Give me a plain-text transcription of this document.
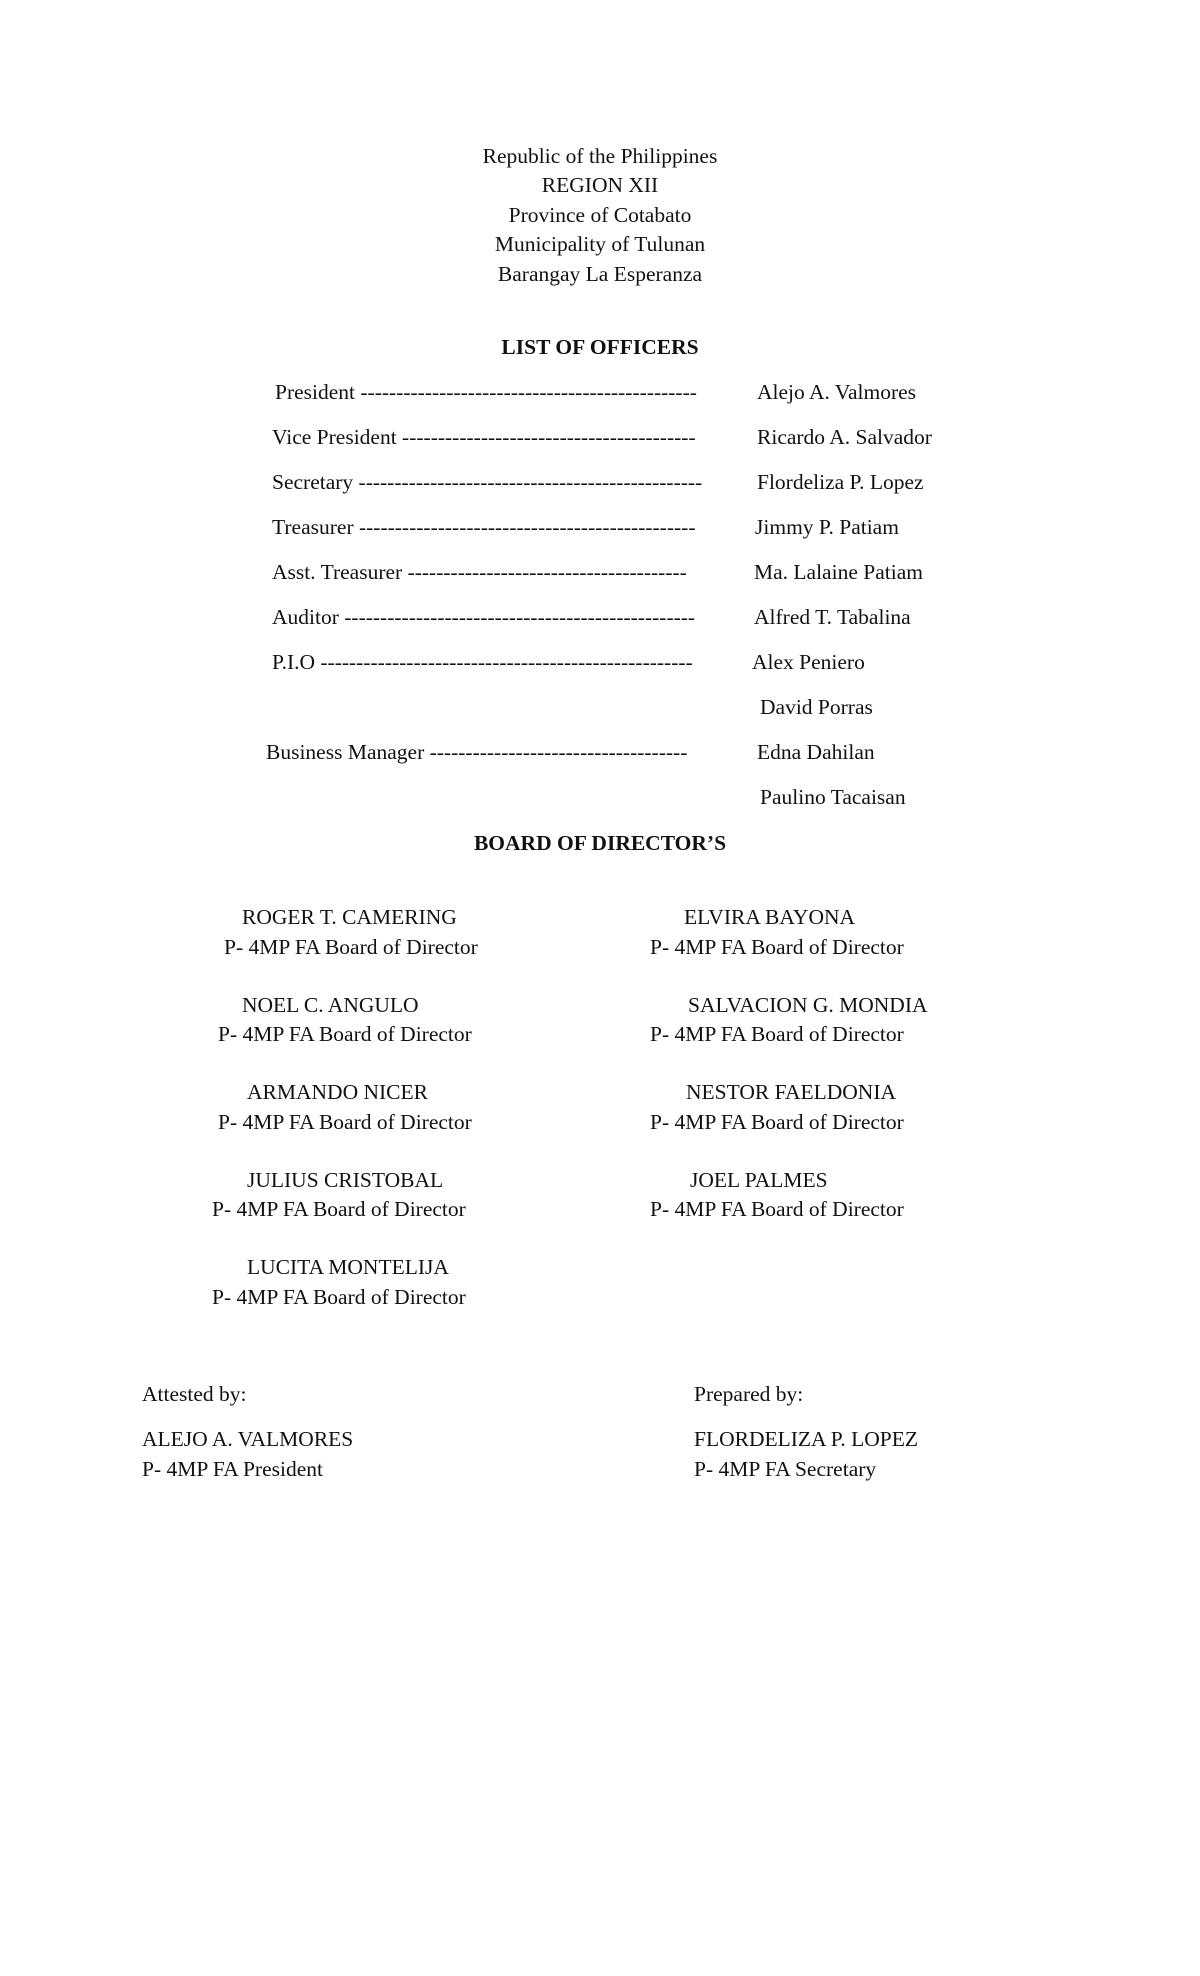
Republic of the Philippines
REGION XII
Province of Cotabato
Municipality of Tulunan
Barangay La Esperanza
LIST OF OFFICERS
President -----------------------------------------------	Alejo A. Valmores
Vice President -----------------------------------------	Ricardo A. Salvador
Secretary ------------------------------------------------	Flordeliza P. Lopez
Treasurer -----------------------------------------------	Jimmy P. Patiam
Asst. Treasurer ---------------------------------------	Ma. Lalaine Patiam
Auditor -------------------------------------------------	Alfred T. Tabalina
P.I.O ----------------------------------------------------	Alex Peniero
David Porras
Business Manager ------------------------------------	Edna Dahilan
Paulino Tacaisan
BOARD OF DIRECTOR’S
ROGER T. CAMERING
P- 4MP FA Board of Director
NOEL C. ANGULO
P- 4MP FA Board of Director
ARMANDO NICER
P- 4MP FA Board of Director
JULIUS CRISTOBAL
P- 4MP FA Board of Director
LUCITA MONTELIJA
P- 4MP FA Board of Director
ELVIRA BAYONA
P- 4MP FA Board of Director
SALVACION G. MONDIA
P- 4MP FA Board of Director
NESTOR FAELDONIA
P- 4MP FA Board of Director
JOEL PALMES
P- 4MP FA Board of Director
Attested by:
ALEJO A. VALMORES
P- 4MP FA President
Prepared by:
FLORDELIZA P. LOPEZ
P- 4MP FA Secretary
